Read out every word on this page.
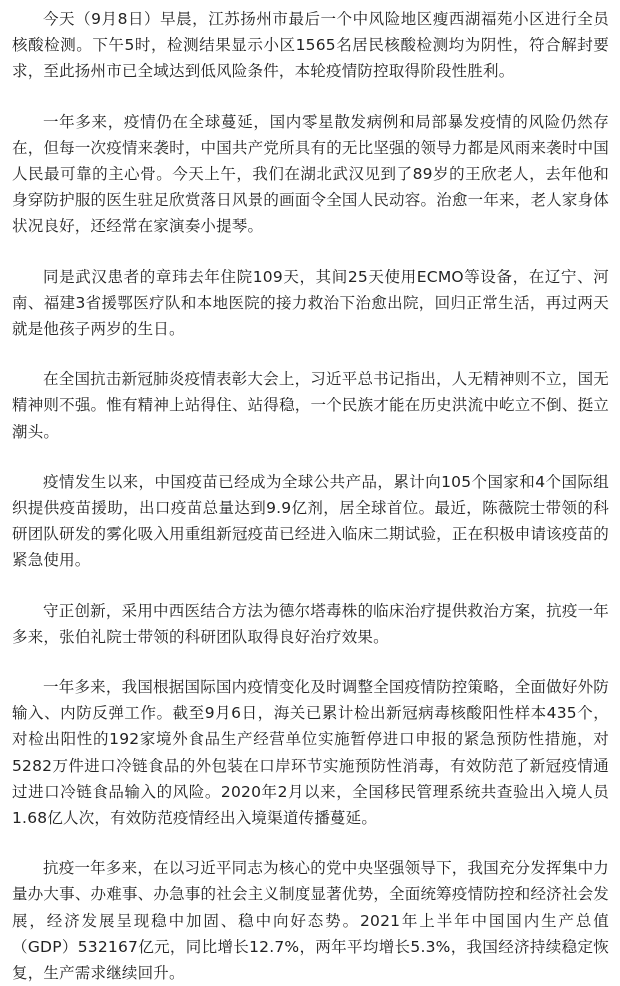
今天（9月8日）早晨，江苏扬州市最后一个中风险地区瘦西湖福苑小区进行全员核酸检测。下午5时，检测结果显示小区1565名居民核酸检测均为阴性，符合解封要求，至此扬州市已全域达到低风险条件，本轮疫情防控取得阶段性胜利。

一年多来，疫情仍在全球蔓延，国内零星散发病例和局部暴发疫情的风险仍然存在，但每一次疫情来袭时，中国共产党所具有的无比坚强的领导力都是风雨来袭时中国人民最可靠的主心骨。今天上午，我们在湖北武汉见到了89岁的王欣老人，去年他和身穿防护服的医生驻足欣赏落日风景的画面令全国人民动容。治愈一年来，老人家身体状况良好，还经常在家演奏小提琴。

同是武汉患者的章玮去年住院109天，其间25天使用ECMO等设备，在辽宁、河南、福建3省援鄂医疗队和本地医院的接力救治下治愈出院，回归正常生活，再过两天就是他孩子两岁的生日。

在全国抗击新冠肺炎疫情表彰大会上，习近平总书记指出，人无精神则不立，国无精神则不强。惟有精神上站得住、站得稳，一个民族才能在历史洪流中屹立不倒、挺立潮头。

疫情发生以来，中国疫苗已经成为全球公共产品，累计向105个国家和4个国际组织提供疫苗援助，出口疫苗总量达到9.9亿剂，居全球首位。最近，陈薇院士带领的科研团队研发的雾化吸入用重组新冠疫苗已经进入临床二期试验，正在积极申请该疫苗的紧急使用。

守正创新，采用中西医结合方法为德尔塔毒株的临床治疗提供救治方案，抗疫一年多来，张伯礼院士带领的科研团队取得良好治疗效果。

一年多来，我国根据国际国内疫情变化及时调整全国疫情防控策略，全面做好外防输入、内防反弹工作。截至9月6日，海关已累计检出新冠病毒核酸阳性样本435个，对检出阳性的192家境外食品生产经营单位实施暂停进口申报的紧急预防性措施，对5282万件进口冷链食品的外包装在口岸环节实施预防性消毒，有效防范了新冠疫情通过进口冷链食品输入的风险。2020年2月以来，全国移民管理系统共查验出入境人员1.68亿人次，有效防范疫情经出入境渠道传播蔓延。

抗疫一年多来，在以习近平同志为核心的党中央坚强领导下，我国充分发挥集中力量办大事、办难事、办急事的社会主义制度显著优势，全面统筹疫情防控和经济社会发展，经济发展呈现稳中加固、稳中向好态势。2021年上半年中国国内生产总值（GDP）532167亿元，同比增长12.7%，两年平均增长5.3%，我国经济持续稳定恢复，生产需求继续回升。
